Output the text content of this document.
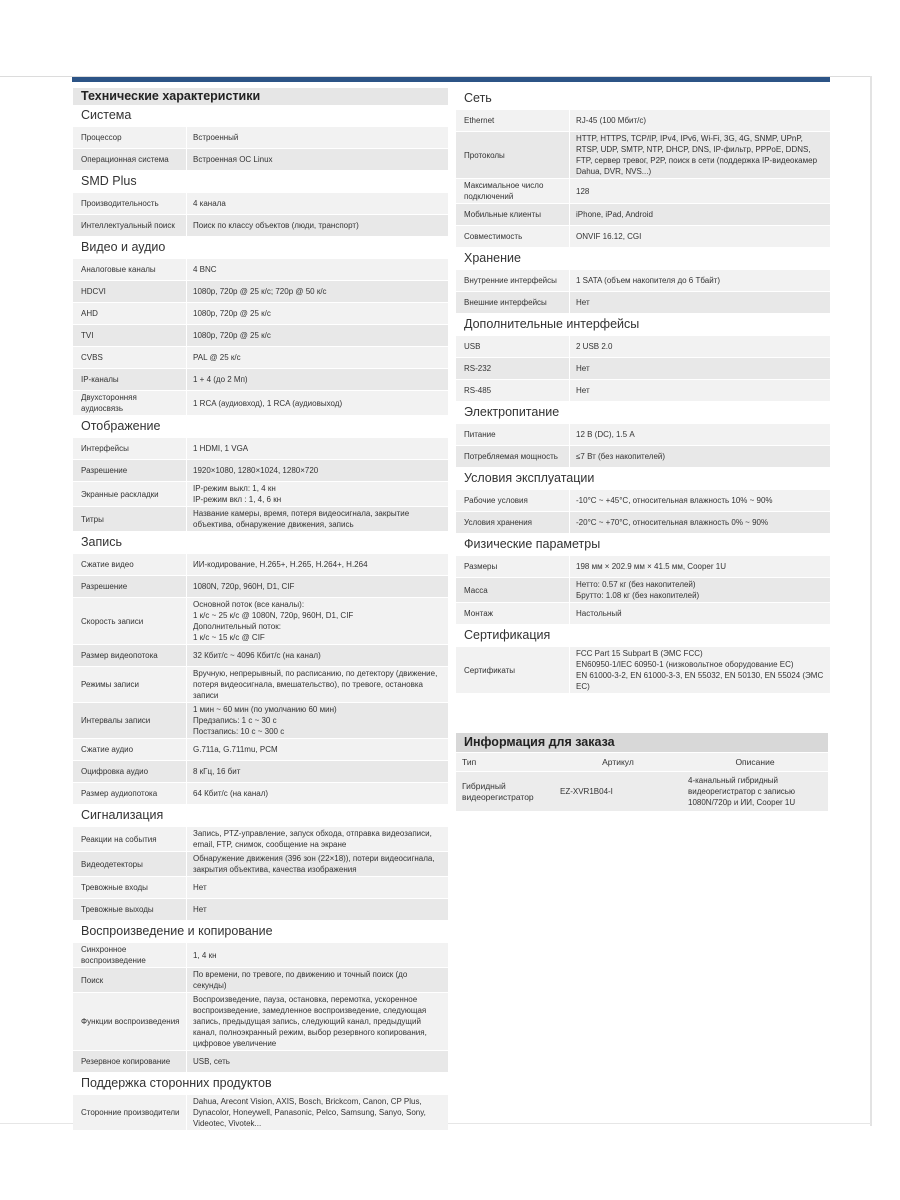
Технические характеристики
Система
Процессор	Встроенный
Операционная система	Встроенная ОС Linux
SMD Plus
Производительность	4 канала
Интеллектуальный поиск	Поиск по классу объектов (люди, транспорт)
Видео и аудио
Аналоговые каналы	4 BNC
HDCVI	1080p, 720p @ 25 к/с; 720p @ 50 к/с
AHD	1080p, 720p @ 25 к/с
TVI	1080p, 720p @ 25 к/с
CVBS	PAL @ 25 к/с
IP-каналы	1 + 4 (до 2 Мп)
Двухсторонняя аудиосвязь	1 RCA (аудиовход), 1 RCA (аудиовыход)
Отображение
Интерфейсы	1 HDMI, 1 VGA
Разрешение	1920×1080, 1280×1024, 1280×720
Экранные раскладки	IP-режим выкл: 1, 4 кн
IP-режим вкл : 1, 4, 6 кн
Титры	Название камеры, время, потеря видеосигнала, закрытие объектива, обнаружение движения, запись
Запись
Сжатие видео	ИИ-кодирование, H.265+, H.265, H.264+, H.264
Разрешение	1080N, 720p, 960H, D1, CIF
Скорость записи	Основной поток (все каналы):
1 к/с ~ 25 к/с @ 1080N, 720p, 960H, D1, CIF
Дополнительный поток:
1 к/с ~ 15 к/с @ CIF
Размер видеопотока	32 Кбит/с ~ 4096 Кбит/с (на канал)
Режимы записи	Вручную, непрерывный, по расписанию, по детектору (движение, потеря видеосигнала, вмешательство), по тревоге, остановка записи
Интервалы записи	1 мин ~ 60 мин (по умолчанию 60 мин)
Предзапись: 1 с ~ 30 с
Постзапись: 10 с ~ 300 с
Сжатие аудио	G.711a, G.711mu, PCM
Оцифровка аудио	8 кГц, 16 бит
Размер аудиопотока	64 Кбит/с (на канал)
Сигнализация
Реакции на события	Запись, PTZ-управление, запуск обхода, отправка видеозаписи, email, FTP, снимок, сообщение на экране
Видеодетекторы	Обнаружение движения (396 зон (22×18)), потери видеосигнала, закрытия объектива, качества изображения
Тревожные входы	Нет
Тревожные выходы	Нет
Воспроизведение и копирование
Синхронное воспроизведение	1, 4 кн
Поиск	По времени, по тревоге, по движению и точный поиск (до секунды)
Функции воспроизведения	Воспроизведение, пауза, остановка, перемотка, ускоренное воспроизведение, замедленное воспроизведение, следующая запись, предыдущая запись, следующий канал, предыдущий канал, полноэкранный режим, выбор резервного копирования, цифровое увеличение
Резервное копирование	USB, сеть
Поддержка сторонних продуктов
Сторонние производители	Dahua, Arecont Vision, AXIS, Bosch, Brickcom, Canon, CP Plus, Dynacolor, Honeywell, Panasonic, Pelco, Samsung, Sanyo, Sony, Videotec, Vivotek...
Сеть
Ethernet	RJ-45 (100 Мбит/с)
Протоколы	HTTP, HTTPS, TCP/IP, IPv4, IPv6, Wi-Fi, 3G, 4G, SNMP, UPnP, RTSP, UDP, SMTP, NTP, DHCP, DNS, IP-фильтр, PPPoE, DDNS, FTP, сервер тревог, P2P, поиск в сети (поддержка IP-видеокамер Dahua, DVR, NVS...)
Максимальное число подключений	128
Мобильные клиенты	iPhone, iPad, Android
Совместимость	ONVIF 16.12, CGI
Хранение
Внутренние интерфейсы	1 SATA (объем накопителя до 6 Тбайт)
Внешние интерфейсы	Нет
Дополнительные интерфейсы
USB	2 USB 2.0
RS-232	Нет
RS-485	Нет
Электропитание
Питание	12 В (DC), 1.5 А
Потребляемая мощность	≤7 Вт (без накопителей)
Условия эксплуатации
Рабочие условия	-10°C ~ +45°C, относительная влажность 10% ~ 90%
Условия хранения	-20°C ~ +70°C, относительная влажность 0% ~ 90%
Физические параметры
Размеры	198 мм × 202.9 мм × 41.5 мм, Cooper 1U
Масса	Нетто: 0.57 кг (без накопителей)
Брутто: 1.08 кг (без накопителей)
Монтаж	Настольный
Сертификация
Сертификаты	FCC Part 15 Subpart B (ЭМС FCC)
EN60950-1/IEC 60950-1 (низковольтное оборудование ЕС)
EN 61000-3-2, EN 61000-3-3, EN 55032, EN 50130, EN 55024 (ЭМС ЕС)
Информация для заказа
Тип	Артикул	Описание
Гибридный видеорегистратор	EZ-XVR1B04-I	4-канальный гибридный видеорегистратор с записью 1080N/720p и ИИ, Cooper 1U
